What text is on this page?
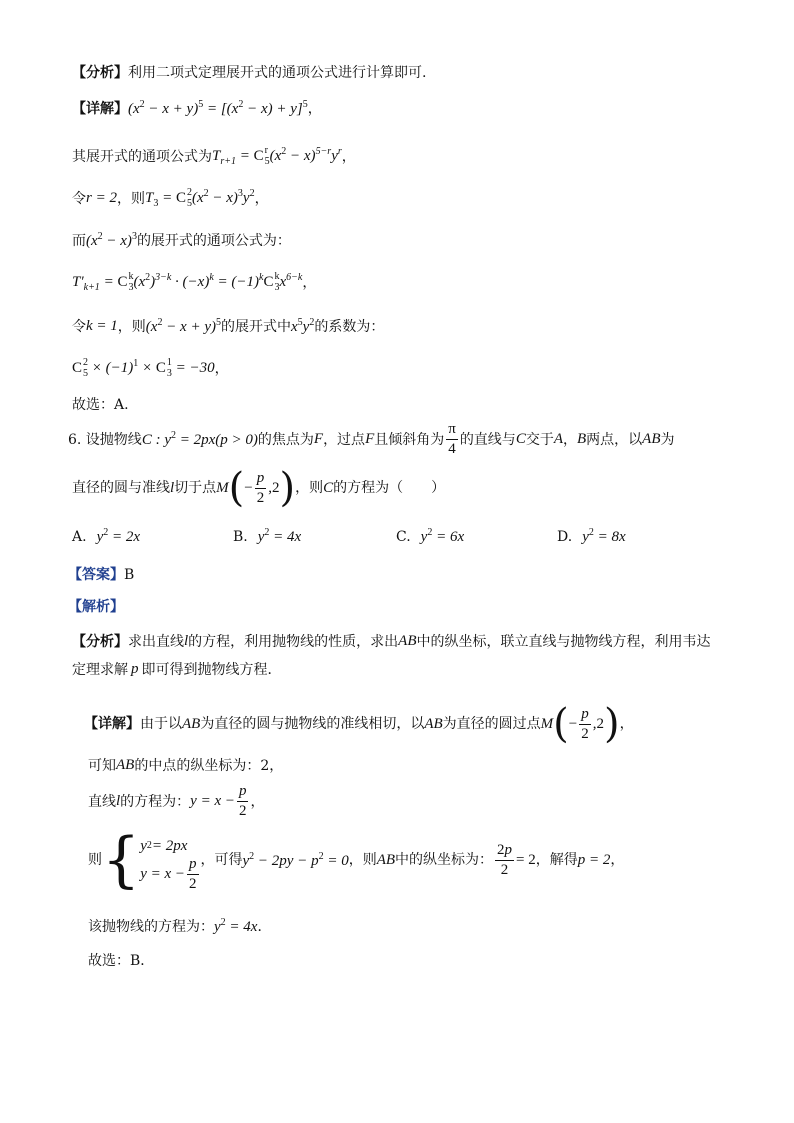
【分析】 利用二项式定理展开式的通项公式进行计算即可.
【详解】 $(x^2 - x + y)^5 = [(x^2 - x) + y]^5$ ，
其展开式的通项公式为 $T_{r+1} = C$ r
5 $(x^2 - x)^{5-r}y^r$ ，
令 r = 2 ，则 $T_3 = C$ 2
5 $(x^2 - x)^3y^2$ ，
而 $(x^2 - x)^3$ 的展开式的通项公式为：
$T'_{k+1} = C$ k
3 $(x^2)^{3-k} \cdot (-x)^k = (-1)^k$ C k
3 $x^{6-k}$ ，
令 k = 1 ，则 $(x^2 - x + y)^5$ 的展开式中 $x^5y^2$ 的系数为：
C 2
$5 \times (-1)^1 \times C$ 1
3 = −30 ，
故选：A.
6. 设抛物线 C : $y^2 = 2px(p > 0)$ 的焦点为 F ，过点 F 且倾斜角为 $\frac{\pi}{4}$ 的直线与 C 交于 A ， B 两点，以 AB 为
直径的圆与准线 l 切于点 M ( − $\frac{p}{2} ,2$ ) ，则 C 的方程为（　　）
A. $y^2 = 2x$	B. $y^2 = 4x$	C. $y^2 = 6x$	D. $y^2 = 8x$
【答案】 B
【解析】
【分析】 求出直线 l 的方程，利用抛物线的性质，求出 AB 中的纵坐标，联立直线与抛物线方程，利用韦达
定理求解 p 即可得到抛物线方程．
【详解】 由于以 AB 为直径的圆与抛物线的准线相切，以 AB 为直径的圆过点 M ( − $\frac{p}{2} ,2$ ) ，
可知 AB 的中点的纵坐标为：2，
直线 l 的方程为： $y = x - \frac{p}{2}$ ，
则 { y 2 = 2px
$y = x - \frac{p}{2}$ ，可得 $y^2 - 2py - p^2 = 0$ ，则 AB 中的纵坐标为： $\frac{2p}{2} = 2$ ，解得 p = 2 ，
该抛物线的方程为： $y^2 = 4x$ ．
故选：B．
